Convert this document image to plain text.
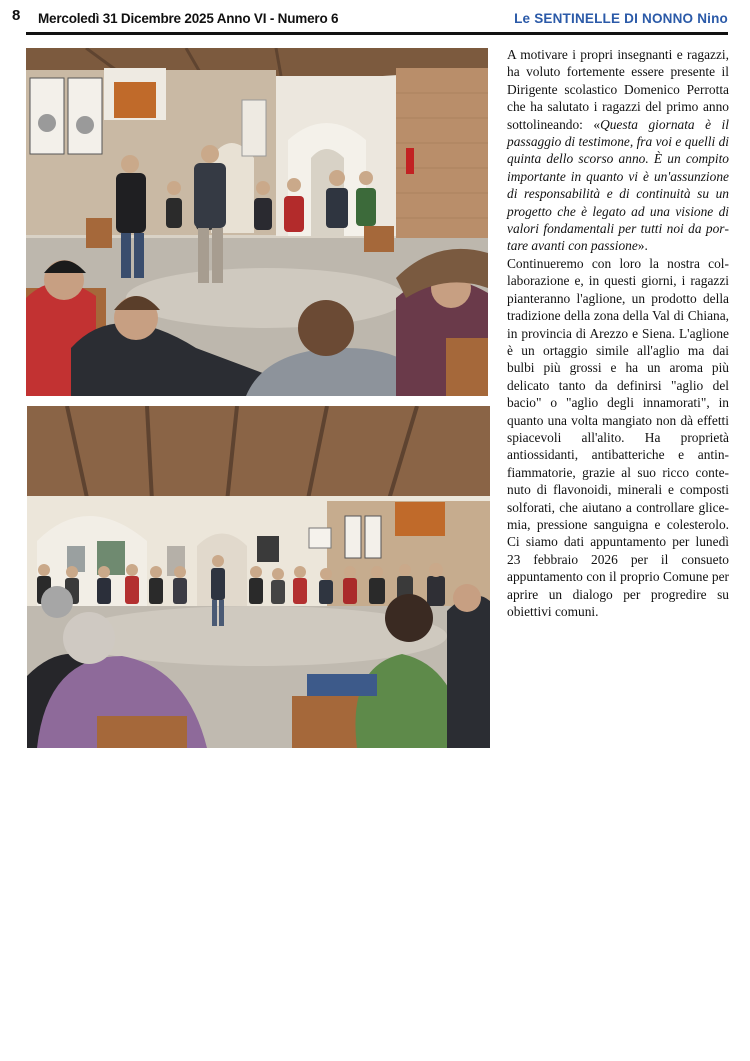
8 Mercoledì 31 Dicembre 2025 Anno VI - Numero 6	Le SENTINELLE DI NONNO Nino

A motivare i propri insegnanti e ragazzi, ha voluto fortemente essere presente il Dirigente scolastico Domenico Perrotta che ha salutato i ragazzi del primo anno sottolineando: «Questa giornata è il passaggio di testimone, fra voi e quelli di quinta dello scorso anno. È un compito importante in quanto vi è un'assunzione di responsabilità e di continuità su un progetto che è legato ad una visione di valori fondamentali per tutti noi da portare avanti con passione».

Continueremo con loro la nostra collaborazione e, in questi giorni, i ragazzi pianteranno l'aglione, un prodotto della tradizione della zona della Val di Chiana, in provincia di Arezzo e Siena. L'aglione è un ortaggio simile all'aglio ma dai bulbi più grossi e ha un aroma più delicato tanto da definirsi "aglio del bacio" o "aglio degli innamorati", in quanto una volta mangiato non dà effetti spiacevoli all'alito. Ha proprietà antiossidanti, antibatteriche e antinfiammatorie, grazie al suo ricco contenuto di flavonoidi, minerali e composti solforati, che aiutano a controllare glicemia, pressione sanguigna e colesterolo. Ci siamo dati appuntamento per lunedì 23 febbraio 2026 per il consueto appuntamento con il proprio Comune per aprire un dialogo per progredire su obiettivi comuni.
